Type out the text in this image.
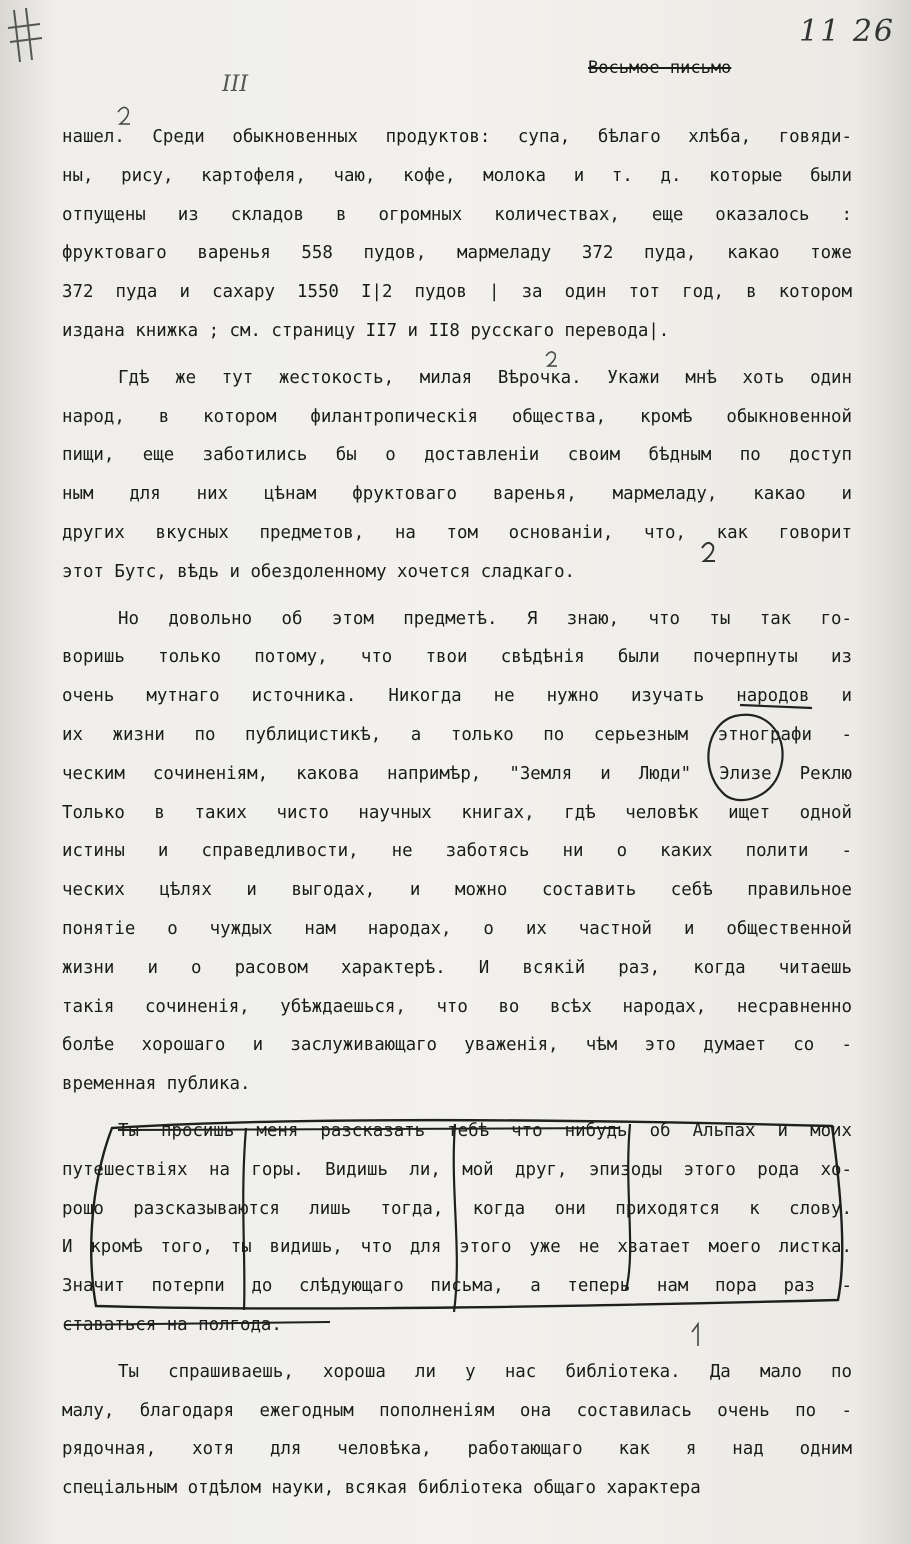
11 26
III
Восьмое письмо
нашел. Среди обыкновенных продуктов: супа, бѣлаго хлѣба, говяди-
ны, рису, картофеля, чаю, кофе, молока и т. д. которые были
отпущены из складов в огромных количествах, еще оказалось :
фруктоваго варенья 558 пудов, мармеладу 372 пуда, какао тоже
372 пуда и сахару 1550 I|2 пудов | за один тот год, в котором
издана книжка ; см. страницу II7 и II8 русскаго перевода|.
Гдѣ же тут жестокость, милая Вѣрочка. Укажи мнѣ хоть один
народ, в котором филантропическiя общества, кромѣ обыкновенной
пищи, еще заботились бы о доставленiи своим бѣдным по доступ
ным для них цѣнам фруктоваго варенья, мармеладу, какао и
других вкусных предметов, на том основанiи, что, как говорит
этот Бутс, вѣдь и обездоленному хочется сладкаго.
Но довольно об этом предметѣ. Я знаю, что ты так го-
воришь только потому, что твои свѣдѣнiя были почерпнуты из
очень мутнаго источника. Никогда не нужно изучать народов и
их жизни по публицистикѣ, а только по серьезным этнографи -
ческим сочиненiям, какова напримѣр, "Земля и Люди" Элизе Реклю
Только в таких чисто научных книгах, гдѣ человѣк ищет одной
истины и справедливости, не заботясь ни о каких полити -
ческих цѣлях и выгодах, и можно составить себѣ правильное
понятiе о чуждых нам народах, о их частной и общественной
жизни и о расовом характерѣ. И всякiй раз, когда читаешь
такiя сочиненiя, убѣждаешься, что во всѣх народах, несравненно
болѣе хорошаго и заслуживающаго уваженiя, чѣм это думает со -
временная публика.
Ты просишь меня разсказать тебѣ что нибудь об Альпах и моих
путешествiях на горы. Видишь ли, мой друг, эпизоды этого рода хо-
рошо разсказываются лишь тогда, когда они приходятся к слову.
И кромѣ того, ты видишь, что для этого уже не хватает моего листка.
Значит потерпи до слѣдующаго письма, а теперь нам пора раз -
ставаться на полгода.
Ты спрашиваешь, хороша ли у нас библiотека. Да мало по
малу, благодаря ежегодным пополненiям она составилась очень по -
рядочная, хотя для человѣка, работающаго как я над одним
спецiальным отдѣлом науки, всякая библiотека общаго характера
